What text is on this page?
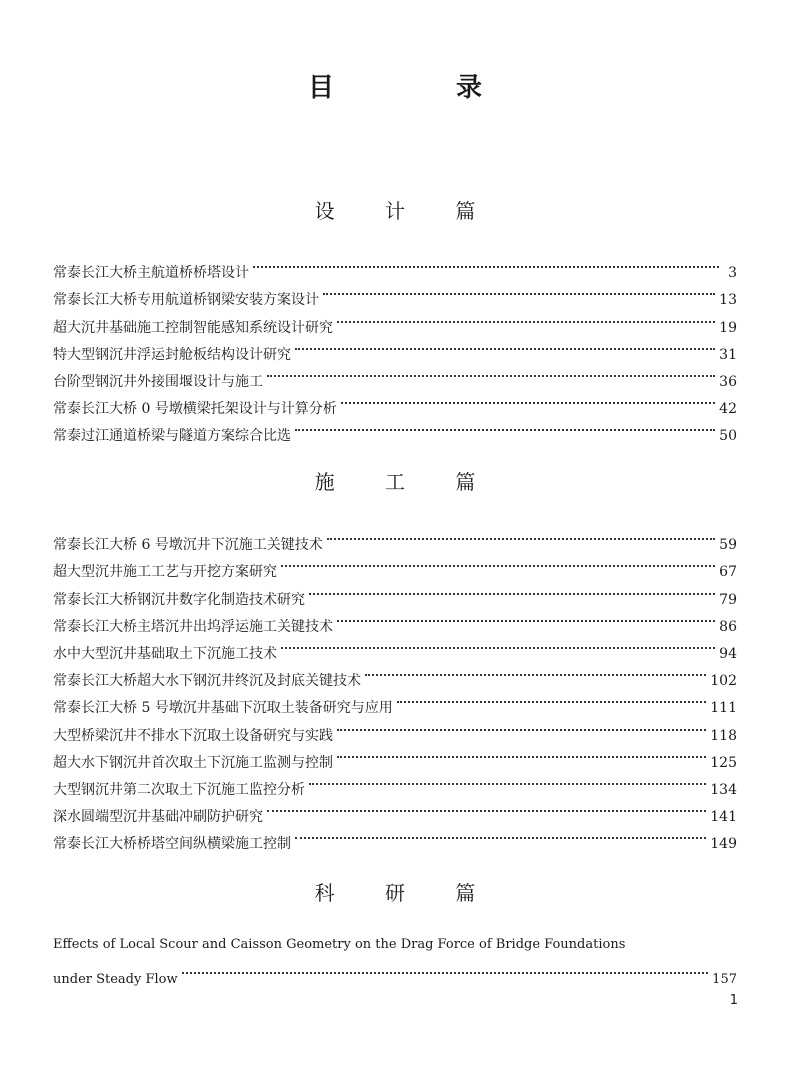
目　录
设 计 篇
常泰长江大桥主航道桥桥塔设计	3
常泰长江大桥专用航道桥钢梁安装方案设计	13
超大沉井基础施工控制智能感知系统设计研究	19
特大型钢沉井浮运封舱板结构设计研究	31
台阶型钢沉井外接围堰设计与施工	36
常泰长江大桥 0 号墩横梁托架设计与计算分析	42
常泰过江通道桥梁与隧道方案综合比选	50
施 工 篇
常泰长江大桥 6 号墩沉井下沉施工关键技术	59
超大型沉井施工工艺与开挖方案研究	67
常泰长江大桥钢沉井数字化制造技术研究	79
常泰长江大桥主塔沉井出坞浮运施工关键技术	86
水中大型沉井基础取土下沉施工技术	94
常泰长江大桥超大水下钢沉井终沉及封底关键技术	102
常泰长江大桥 5 号墩沉井基础下沉取土装备研究与应用	111
大型桥梁沉井不排水下沉取土设备研究与实践	118
超大水下钢沉井首次取土下沉施工监测与控制	125
大型钢沉井第二次取土下沉施工监控分析	134
深水圆端型沉井基础冲刷防护研究	141
常泰长江大桥桥塔空间纵横梁施工控制	149
科 研 篇
Effects of Local Scour and Caisson Geometry on the Drag Force of Bridge Foundations
under Steady Flow	157
1
